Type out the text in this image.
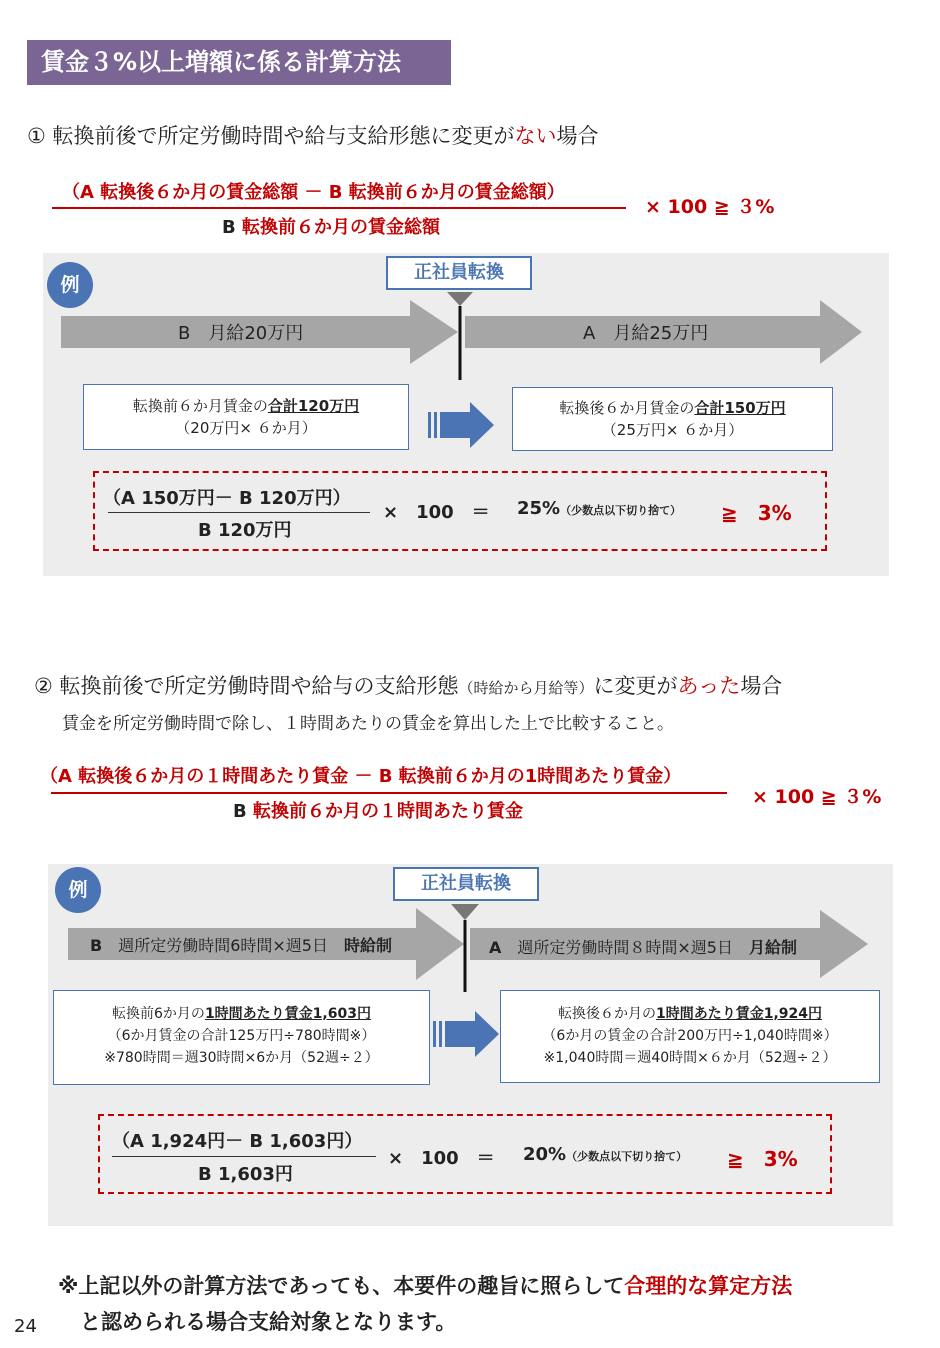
賃金３%以上増額に係る計算方法
① 転換前後で所定労働時間や給与支給形態に変更がない場合
（A 転換後６か月の賃金総額 － B 転換前６か月の賃金総額）
B 転換前６か月の賃金総額
× 100 ≧ ３%
例
正社員転換
B　月給20万円	A　月給25万円
転換前６か月賃金の合計120万円
（20万円× ６か月）
転換後６か月賃金の合計150万円
（25万円× ６か月）
（A 150万円－ B 120万円）
B 120万円
×　100　＝ 25%（少数点以下切り捨て） ≧　3%
② 転換前後で所定労働時間や給与の支給形態（時給から月給等）に変更があった場合
賃金を所定労働時間で除し、１時間あたりの賃金を算出した上で比較すること。
（A 転換後６か月の１時間あたり賃金 － B 転換前６か月の1時間あたり賃金）
B 転換前６か月の１時間あたり賃金
× 100 ≧ ３%
例	正社員転換
B　週所定労働時間6時間×週5日　時給制	A　週所定労働時間８時間×週5日　月給制
転換前6か月の1時間あたり賃金1,603円
（6か月賃金の合計125万円÷780時間※）
※780時間＝週30時間×6か月（52週÷２）
転換後６か月の1時間あたり賃金1,924円
（6か月の賃金の合計200万円÷1,040時間※）
※1,040時間＝週40時間×６か月（52週÷２）
（A 1,924円－ B 1,603円）
B 1,603円
×　100　＝ 20%（少数点以下切り捨て） ≧　3%
※上記以外の計算方法であっても、本要件の趣旨に照らして合理的な算定方法
と認められる場合支給対象となります。
24
